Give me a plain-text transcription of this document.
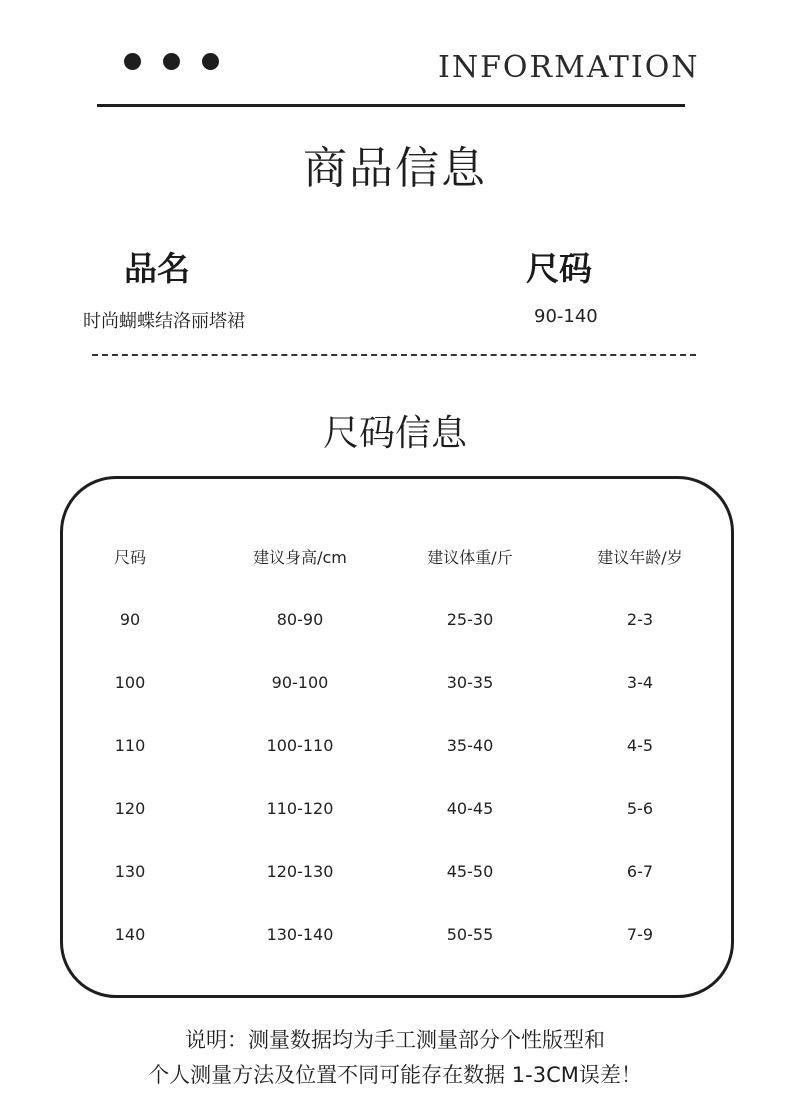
INFORMATION
商品信息
品名	尺码
时尚蝴蝶结洛丽塔裙	90-140
尺码信息
尺码	建议身高/cm	建议体重/斤	建议年龄/岁
90	80-90	25-30	2-3
100	90-100	30-35	3-4
110	100-110	35-40	4-5
120	110-120	40-45	5-6
130	120-130	45-50	6-7
140	130-140	50-55	7-9
说明：测量数据均为手工测量部分个性版型和
个人测量方法及位置不同可能存在数据 1-3CM误差！
